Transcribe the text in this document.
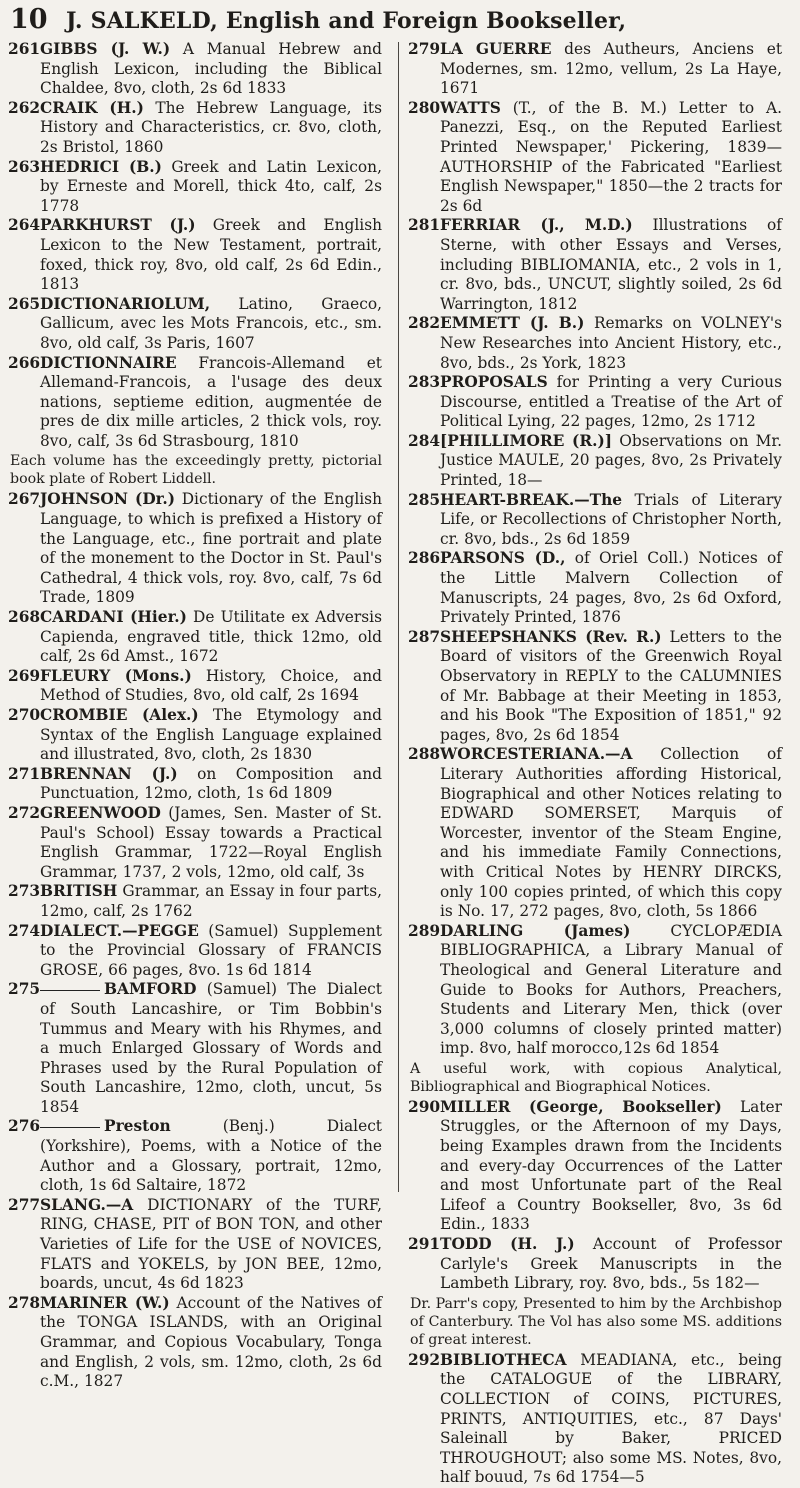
10 J. SALKELD, English and Foreign Bookseller,
261 GIBBS (J. W.) A Manual Hebrew and English Lexicon, including the Biblical Chaldee, 8vo, cloth, 2s 6d 1833
262 CRAIK (H.) The Hebrew Language, its History and Characteristics, cr. 8vo, cloth, 2s Bristol, 1860
263 HEDRICI (B.) Greek and Latin Lexicon, by Erneste and Morell, thick 4to, calf, 2s 1778
264 PARKHURST (J.) Greek and English Lexicon to the New Testament, portrait, foxed, thick roy, 8vo, old calf, 2s 6d Edin., 1813
265 DICTIONARIOLUM, Latino, Graeco, Gallicum, avec les Mots Francois, etc., sm. 8vo, old calf, 3s Paris, 1607
266 DICTIONNAIRE Francois-Allemand et Allemand-Francois, a l'usage des deux nations, septieme edition, augmentée de pres de dix mille articles, 2 thick vols, roy. 8vo, calf, 3s 6d Strasbourg, 1810
Each volume has the exceedingly pretty, pictorial book plate of Robert Liddell.
267 JOHNSON (Dr.) Dictionary of the English Language, to which is prefixed a History of the Language, etc., fine portrait and plate of the monement to the Doctor in St. Paul's Cathedral, 4 thick vols, roy. 8vo, calf, 7s 6d Trade, 1809
268 CARDANI (Hier.) De Utilitate ex Adversis Capienda, engraved title, thick 12mo, old calf, 2s 6d Amst., 1672
269 FLEURY (Mons.) History, Choice, and Method of Studies, 8vo, old calf, 2s 1694
270 CROMBIE (Alex.) The Etymology and Syntax of the English Language explained and illustrated, 8vo, cloth, 2s 1830
271 BRENNAN (J.) on Composition and Punctuation, 12mo, cloth, 1s 6d 1809
272 GREENWOOD (James, Sen. Master of St. Paul's School) Essay towards a Practical English Grammar, 1722—Royal English Grammar, 1737, 2 vols, 12mo, old calf, 3s
273 BRITISH Grammar, an Essay in four parts, 12mo, calf, 2s 1762
274 DIALECT.—PEGGE (Samuel) Supplement to the Provincial Glossary of FRANCIS GROSE, 66 pages, 8vo. 1s 6d 1814
275	BAMFORD (Samuel) The Dialect of South Lancashire, or Tim Bobbin's Tummus and Meary with his Rhymes, and a much Enlarged Glossary of Words and Phrases used by the Rural Population of South Lancashire, 12mo, cloth, uncut, 5s 1854
276	Preston	(Benj.) Dialect (Yorkshire), Poems, with a Notice of the Author and a Glossary, portrait, 12mo, cloth, 1s 6d Saltaire, 1872
277 SLANG.—A DICTIONARY of the TURF, RING, CHASE, PIT of BON TON, and other Varieties of Life for the USE of NOVICES, FLATS and YOKELS, by JON BEE, 12mo, boards, uncut, 4s 6d 1823
278 MARINER (W.) Account of the Natives of the TONGA ISLANDS, with an Original Grammar, and Copious Vocabulary, Tonga and English, 2 vols, sm. 12mo, cloth, 2s 6d c.M., 1827
279 LA GUERRE des Autheurs, Anciens et Modernes, sm. 12mo, vellum, 2s La Haye, 1671
280 WATTS (T., of the B. M.) Letter to A. Panezzi, Esq., on the Reputed Earliest Printed Newspaper,' Pickering, 1839—AUTHORSHIP of the Fabricated "Earliest English Newspaper," 1850—the 2 tracts for 2s 6d
281 FERRIAR (J., M.D.) Illustrations of Sterne, with other Essays and Verses, including BIBLIOMANIA, etc., 2 vols in 1, cr. 8vo, bds., UNCUT, slightly soiled, 2s 6d Warrington, 1812
282 EMMETT (J. B.) Remarks on VOLNEY's New Researches into Ancient History, etc., 8vo, bds., 2s York, 1823
283 PROPOSALS for Printing a very Curious Discourse, entitled a Treatise of the Art of Political Lying, 22 pages, 12mo, 2s 1712
284 [PHILLIMORE (R.)] Observations on Mr. Justice MAULE, 20 pages, 8vo, 2s Privately Printed, 18—
285 HEART-BREAK.—The Trials of Literary Life, or Recollections of Christopher North, cr. 8vo, bds., 2s 6d 1859
286 PARSONS (D., of Oriel Coll.) Notices of the Little Malvern Collection of Manuscripts, 24 pages, 8vo, 2s 6d Oxford, Privately Printed, 1876
287 SHEEPSHANKS (Rev. R.) Letters to the Board of visitors of the Greenwich Royal Observatory in REPLY to the CALUMNIES of Mr. Babbage at their Meeting in 1853, and his Book "The Exposition of 1851," 92 pages, 8vo, 2s 6d 1854
288 WORCESTERIANA.—A Collection of Literary Authorities affording Historical, Biographical and other Notices relating to EDWARD SOMERSET, Marquis of Worcester, inventor of the Steam Engine, and his immediate Family Connections, with Critical Notes by HENRY DIRCKS, only 100 copies printed, of which this copy is No. 17, 272 pages, 8vo, cloth, 5s 1866
289 DARLING (James)	CYCLOPÆDIA BIBLIOGRAPHICA, a Library Manual of Theological and General Literature and Guide to Books for Authors, Preachers, Students and Literary Men, thick (over 3,000 columns of closely printed matter) imp. 8vo, half morocco,12s 6d 1854
A useful work, with copious Analytical, Bibliographical and Biographical Notices.
290 MILLER (George, Bookseller) Later Struggles, or the Afternoon of my Days, being Examples drawn from the Incidents and every-day Occurrences of the Latter and most Unfortunate part of the Real Lifeof a Country Bookseller, 8vo, 3s 6d Edin., 1833
291 TODD (H. J.) Account of Professor Carlyle's Greek Manuscripts in the Lambeth Library, roy. 8vo, bds., 5s 182—
Dr. Parr's copy, Presented to him by the Archbishop of Canterbury. The Vol has also some MS. additions of great interest.
292 BIBLIOTHECA MEADIANA, etc., being the CATALOGUE of the LIBRARY, COLLECTION of COINS, PICTURES, PRINTS, ANTIQUITIES, etc., 87 Days' Saleinall by Baker, PRICED THROUGHOUT; also some MS. Notes, 8vo, half bouud, 7s 6d 1754—5
